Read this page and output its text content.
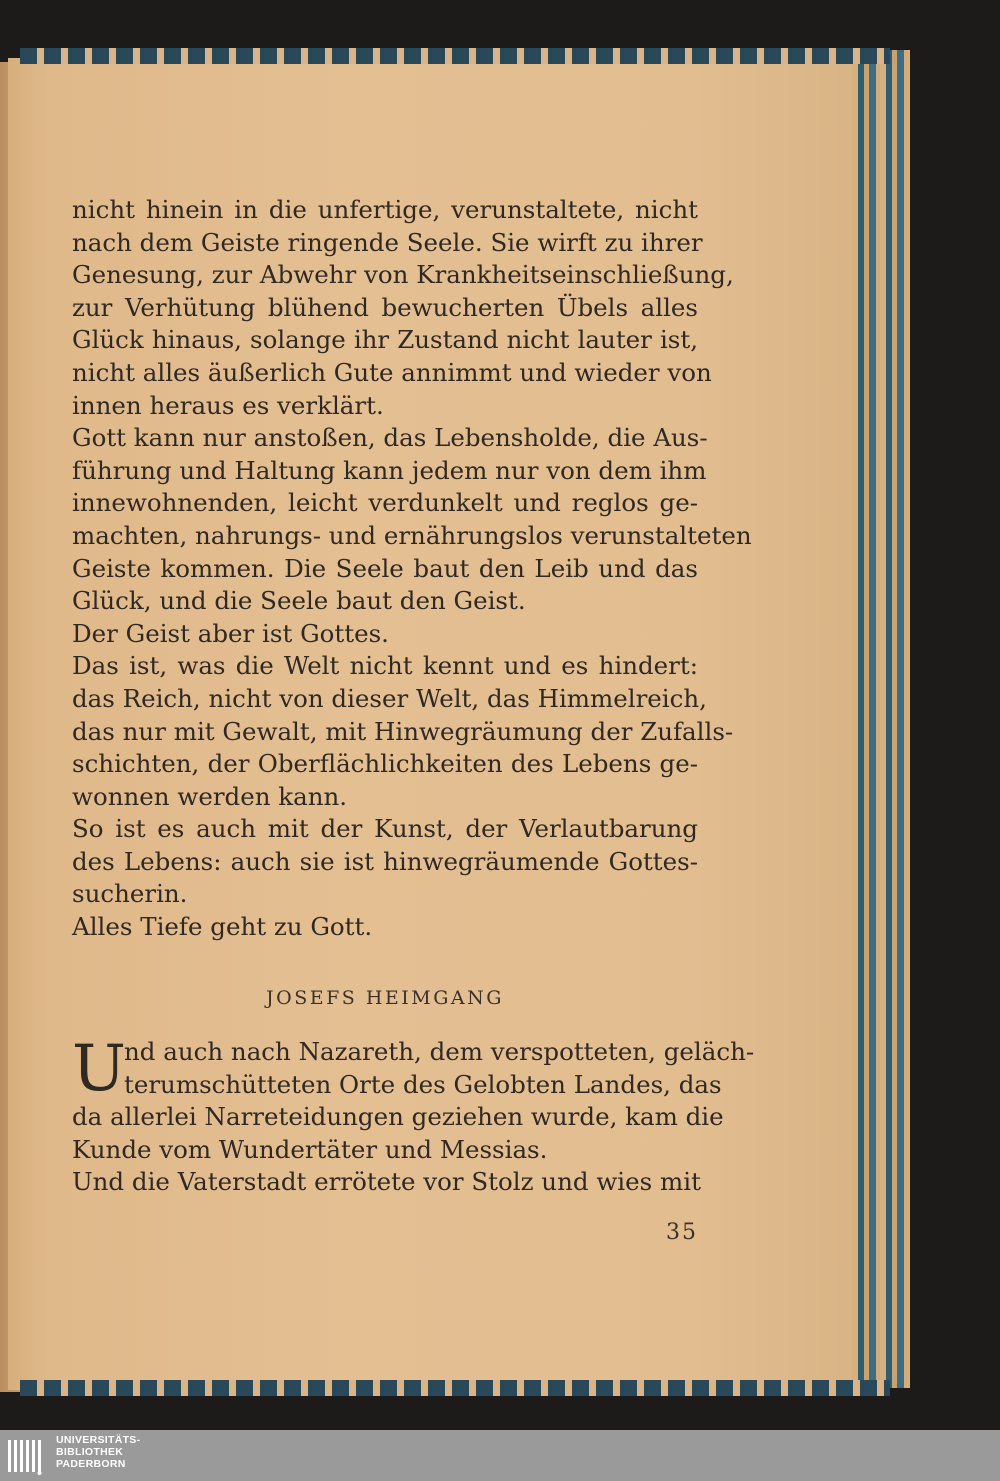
nicht hinein in die unfertige, verunstaltete, nicht
nach dem Geiste ringende Seele. Sie wirft zu ihrer
Genesung, zur Abwehr von Krankheitseinschließung,
zur Verhütung blühend bewucherten Übels alles
Glück hinaus, solange ihr Zustand nicht lauter ist,
nicht alles äußerlich Gute annimmt und wieder von
innen heraus es verklärt.
Gott kann nur anstoßen, das Lebensholde, die Aus-
führung und Haltung kann jedem nur von dem ihm
innewohnenden, leicht verdunkelt und reglos ge-
machten, nahrungs- und ernährungslos verunstalteten
Geiste kommen. Die Seele baut den Leib und das
Glück, und die Seele baut den Geist.
Der Geist aber ist Gottes.
Das ist, was die Welt nicht kennt und es hindert:
das Reich, nicht von dieser Welt, das Himmelreich,
das nur mit Gewalt, mit Hinwegräumung der Zufalls-
schichten, der Oberflächlichkeiten des Lebens ge-
wonnen werden kann.
So ist es auch mit der Kunst, der Verlautbarung
des Lebens: auch sie ist hinwegräumende Gottes-
sucherin.
Alles Tiefe geht zu Gott.
JOSEFS HEIMGANG
U
nd auch nach Nazareth, dem verspotteten, geläch-
terumschütteten Orte des Gelobten Landes, das
da allerlei Narreteidungen geziehen wurde, kam die
Kunde vom Wundertäter und Messias.
Und die Vaterstadt errötete vor Stolz und wies mit
35
UNIVERSITÄTS-
BIBLIOTHEK
PADERBORN
